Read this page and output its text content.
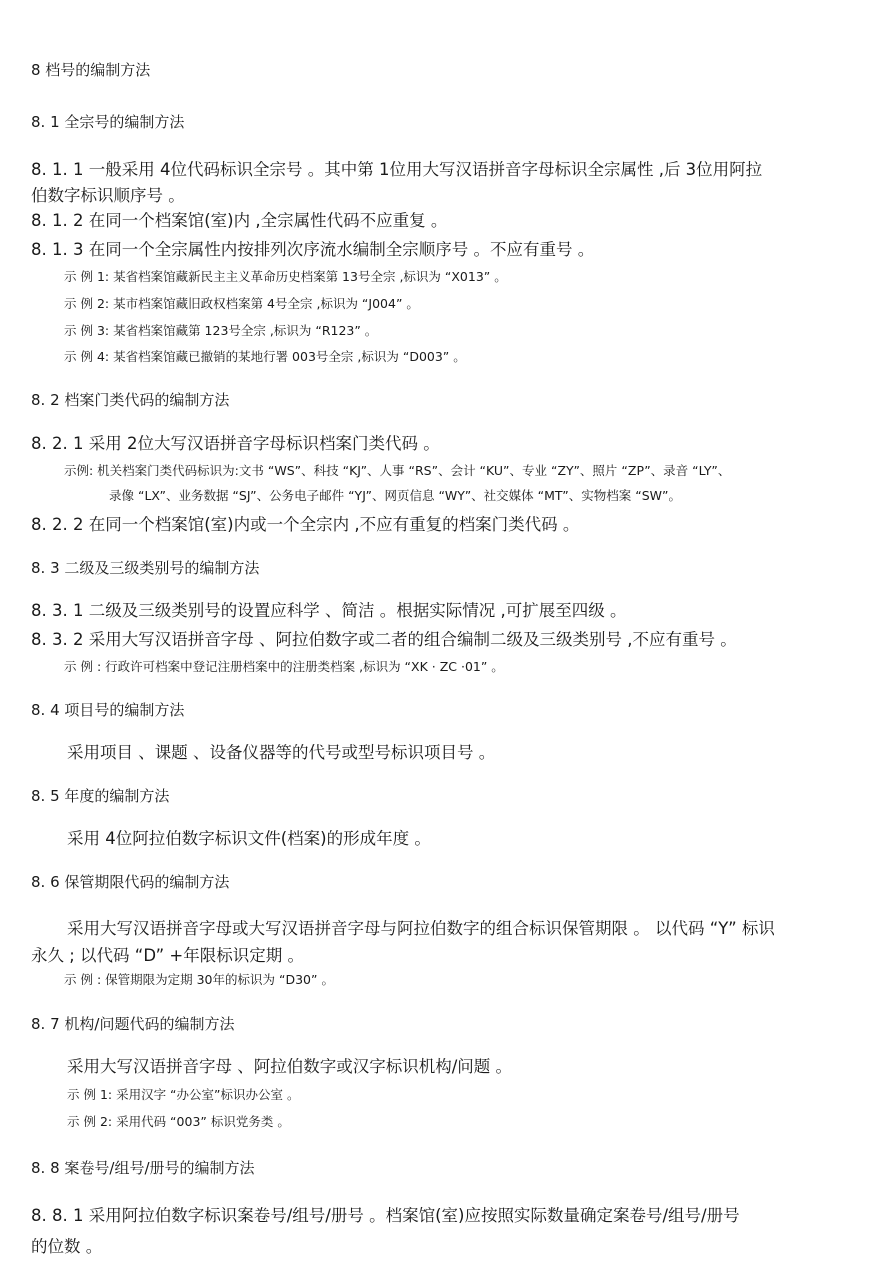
8 档号的编制方法
8. 1 全宗号的编制方法
8. 1. 1 一般采用 4位代码标识全宗号 。其中第 1位用大写汉语拼音字母标识全宗属性 ,后 3位用阿拉
伯数字标识顺序号 。
8. 1. 2 在同一个档案馆(室)内 ,全宗属性代码不应重复 。
8. 1. 3 在同一个全宗属性内按排列次序流水编制全宗顺序号 。不应有重号 。
示 例 1: 某省档案馆藏新民主主义革命历史档案第 13号全宗 ,标识为 “X013” 。
示 例 2: 某市档案馆藏旧政权档案第 4号全宗 ,标识为 “J004” 。
示 例 3: 某省档案馆藏第 123号全宗 ,标识为 “R123” 。
示 例 4: 某省档案馆藏已撤销的某地行署 003号全宗 ,标识为 “D003” 。
8. 2 档案门类代码的编制方法
8. 2. 1 采用 2位大写汉语拼音字母标识档案门类代码 。
示例: 机关档案门类代码标识为:文书 “WS”、科技 “KJ”、人事 “RS”、会计 “KU”、专业 “ZY”、照片 “ZP”、录音 “LY”、
录像 “LX”、业务数据 “SJ”、公务电子邮件 “YJ”、网页信息 “WY”、社交媒体 “MT”、实物档案 “SW”。
8. 2. 2 在同一个档案馆(室)内或一个全宗内 ,不应有重复的档案门类代码 。
8. 3 二级及三级类别号的编制方法
8. 3. 1 二级及三级类别号的设置应科学 、简洁 。根据实际情况 ,可扩展至四级 。
8. 3. 2 采用大写汉语拼音字母 、阿拉伯数字或二者的组合编制二级及三级类别号 ,不应有重号 。
示 例 : 行政许可档案中登记注册档案中的注册类档案 ,标识为 “XK · ZC ·01” 。
8. 4 项目号的编制方法
采用项目 、课题 、设备仪器等的代号或型号标识项目号 。
8. 5 年度的编制方法
采用 4位阿拉伯数字标识文件(档案)的形成年度 。
8. 6 保管期限代码的编制方法
采用大写汉语拼音字母或大写汉语拼音字母与阿拉伯数字的组合标识保管期限 。 以代码 “Y” 标识
永久 ; 以代码 “D” +年限标识定期 。
示 例 : 保管期限为定期 30年的标识为 “D30” 。
8. 7 机构/问题代码的编制方法
采用大写汉语拼音字母 、阿拉伯数字或汉字标识机构/问题 。
示 例 1: 采用汉字 “办公室”标识办公室 。
示 例 2: 采用代码 “003” 标识党务类 。
8. 8 案卷号/组号/册号的编制方法
8. 8. 1 采用阿拉伯数字标识案卷号/组号/册号 。档案馆(室)应按照实际数量确定案卷号/组号/册号
的位数 。
